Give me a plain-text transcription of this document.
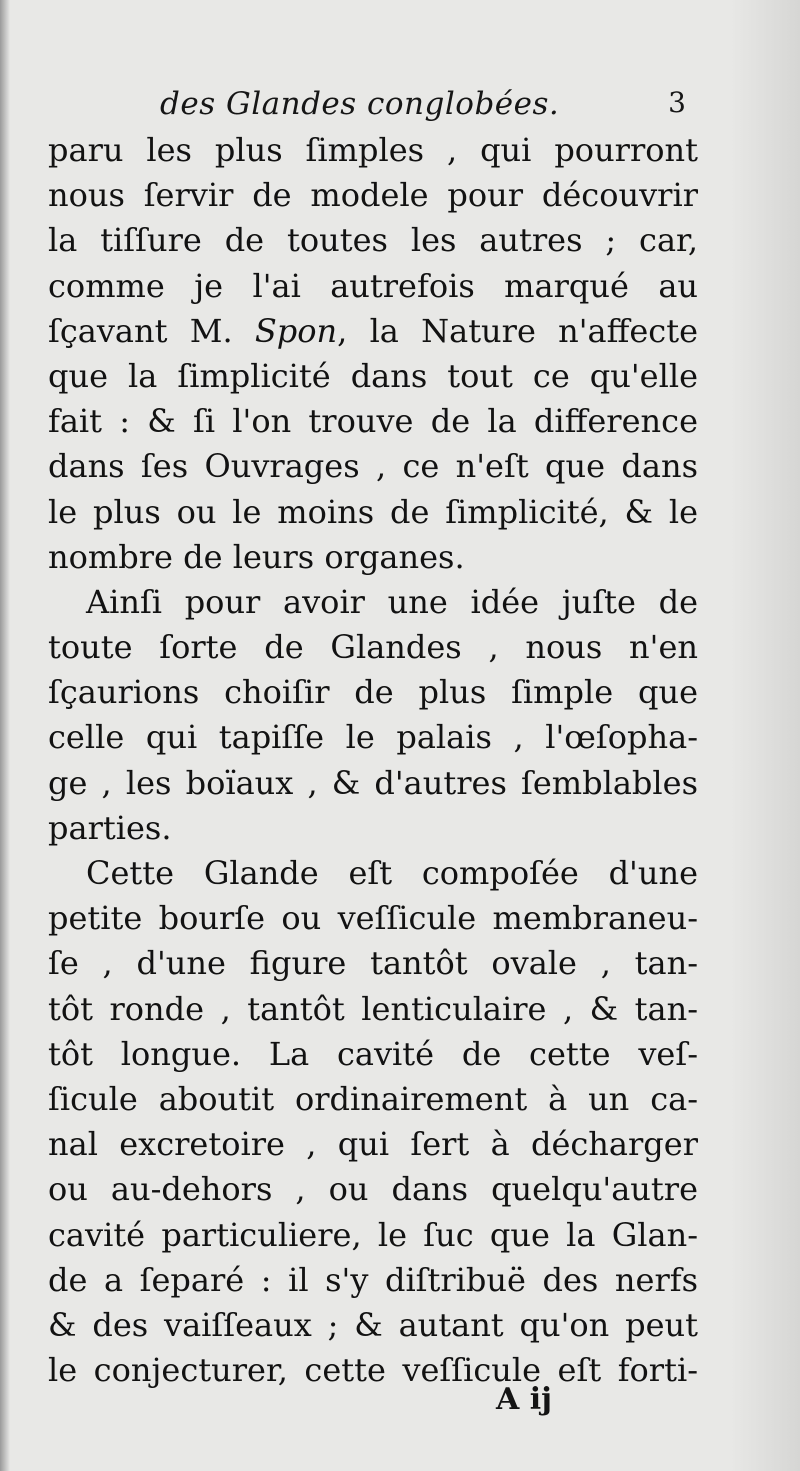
des Glandes conglobées.	3
paru les plus ſimples , qui pourront
nous ſervir de modele pour découvrir
la tiſſure de toutes les autres ; car,
comme je l'ai autrefois marqué au
ſçavant M. Spon, la Nature n'affecte
que la ſimplicité dans tout ce qu'elle
fait : & ſi l'on trouve de la difference
dans ſes Ouvrages , ce n'eſt que dans
le plus ou le moins de ſimplicité, & le
nombre de leurs organes.
Ainſi pour avoir une idée juſte de
toute ſorte de Glandes , nous n'en
ſçaurions choiſir de plus ſimple que
celle qui tapiſſe le palais , l'œſopha-
ge , les boïaux , & d'autres ſemblables
parties.
Cette Glande eſt compoſée d'une
petite bourſe ou veſſicule membraneu-
ſe , d'une figure tantôt ovale , tan-
tôt ronde , tantôt lenticulaire , & tan-
tôt longue. La cavité de cette veſ-
ſicule aboutit ordinairement à un ca-
nal excretoire , qui ſert à décharger
ou au-dehors , ou dans quelqu'autre
cavité particuliere, le ſuc que la Glan-
de a ſeparé : il s'y diſtribuë des nerfs
& des vaiſſeaux ; & autant qu'on peut
le conjecturer, cette veſſicule eſt forti-
A ij
